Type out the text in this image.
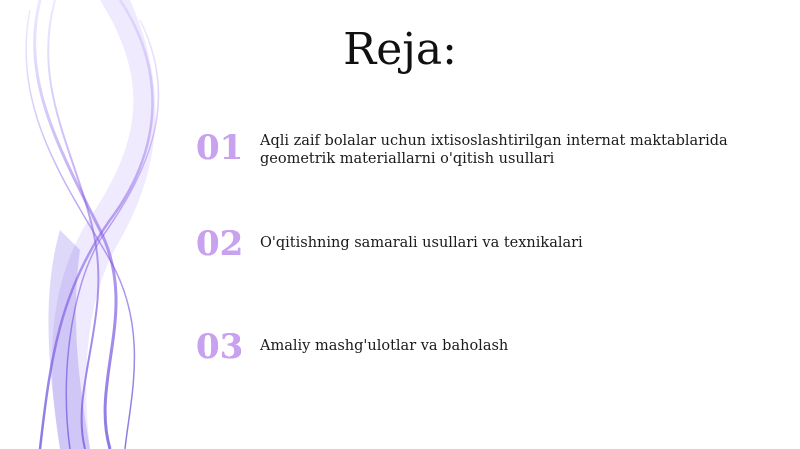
Reja:
01 Aqli zaif bolalar uchun ixtisoslashtirilgan internat maktablarida geometrik materiallarni o'qitish usullari
02 O'qitishning samarali usullari va texnikalari
03 Amaliy mashg'ulotlar va baholash
